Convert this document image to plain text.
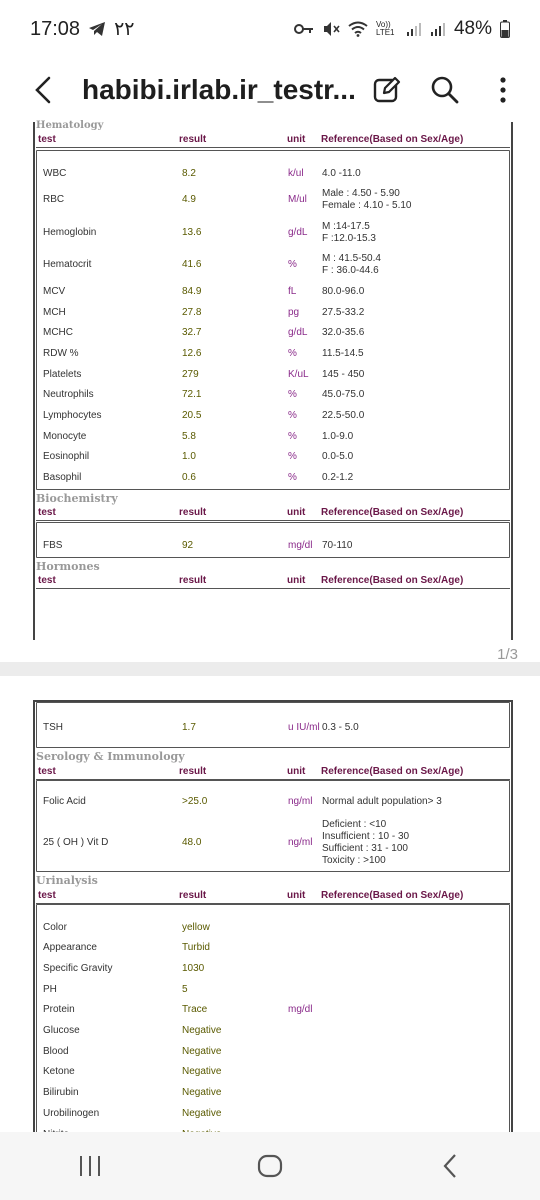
17:08 ۲۲	Vo)) LTE1	48%
habibi.irlab.ir_testr...
Hematology
test	result	unit Reference(Based on Sex/Age)
WBC	8.2	k/ul 4.0 -11.0
RBC	4.9	M/ul
Male : 4.50 - 5.90
Female : 4.10 - 5.10
Hemoglobin	13.6	g/dL
M :14-17.5
F :12.0-15.3
Hematocrit	41.6	%
M : 41.5-50.4
F : 36.0-44.6
MCV	84.9	fL	80.0-96.0
MCH	27.8	pg 27.5-33.2
MCHC	32.7	g/dL 32.0-35.6
RDW %	12.6	%	11.5-14.5
Platelets	279	K/uL 145 - 450
Neutrophils	72.1	%	45.0-75.0
Lymphocytes	20.5	%	22.5-50.0
Monocyte	5.8	%	1.0-9.0
Eosinophil	1.0	%	0.0-5.0
Basophil	0.6	%	0.2-1.2
Biochemistry
test	result	unit Reference(Based on Sex/Age)
FBS	92	mg/dl 70-110
Hormones
test	result	unit Reference(Based on Sex/Age)
1/3
TSH	1.7	u IU/ml 0.3 - 5.0
Serology & Immunology
test	result	unit Reference(Based on Sex/Age)
Folic Acid	>25.0	ng/ml Normal adult population> 3
25 ( OH ) Vit D	48.0	ng/ml
Deficient : <10
Insufficient : 10 - 30
Sufficient : 31 - 100
Toxicity : >100
Urinalysis
test	result	unit Reference(Based on Sex/Age)
Color	yellow
Appearance	Turbid
Specific Gravity	1030
PH	5
Protein	Trace	mg/dl
Glucose	Negative
Blood	Negative
Ketone	Negative
Bilirubin	Negative
Urobilinogen	Negative
